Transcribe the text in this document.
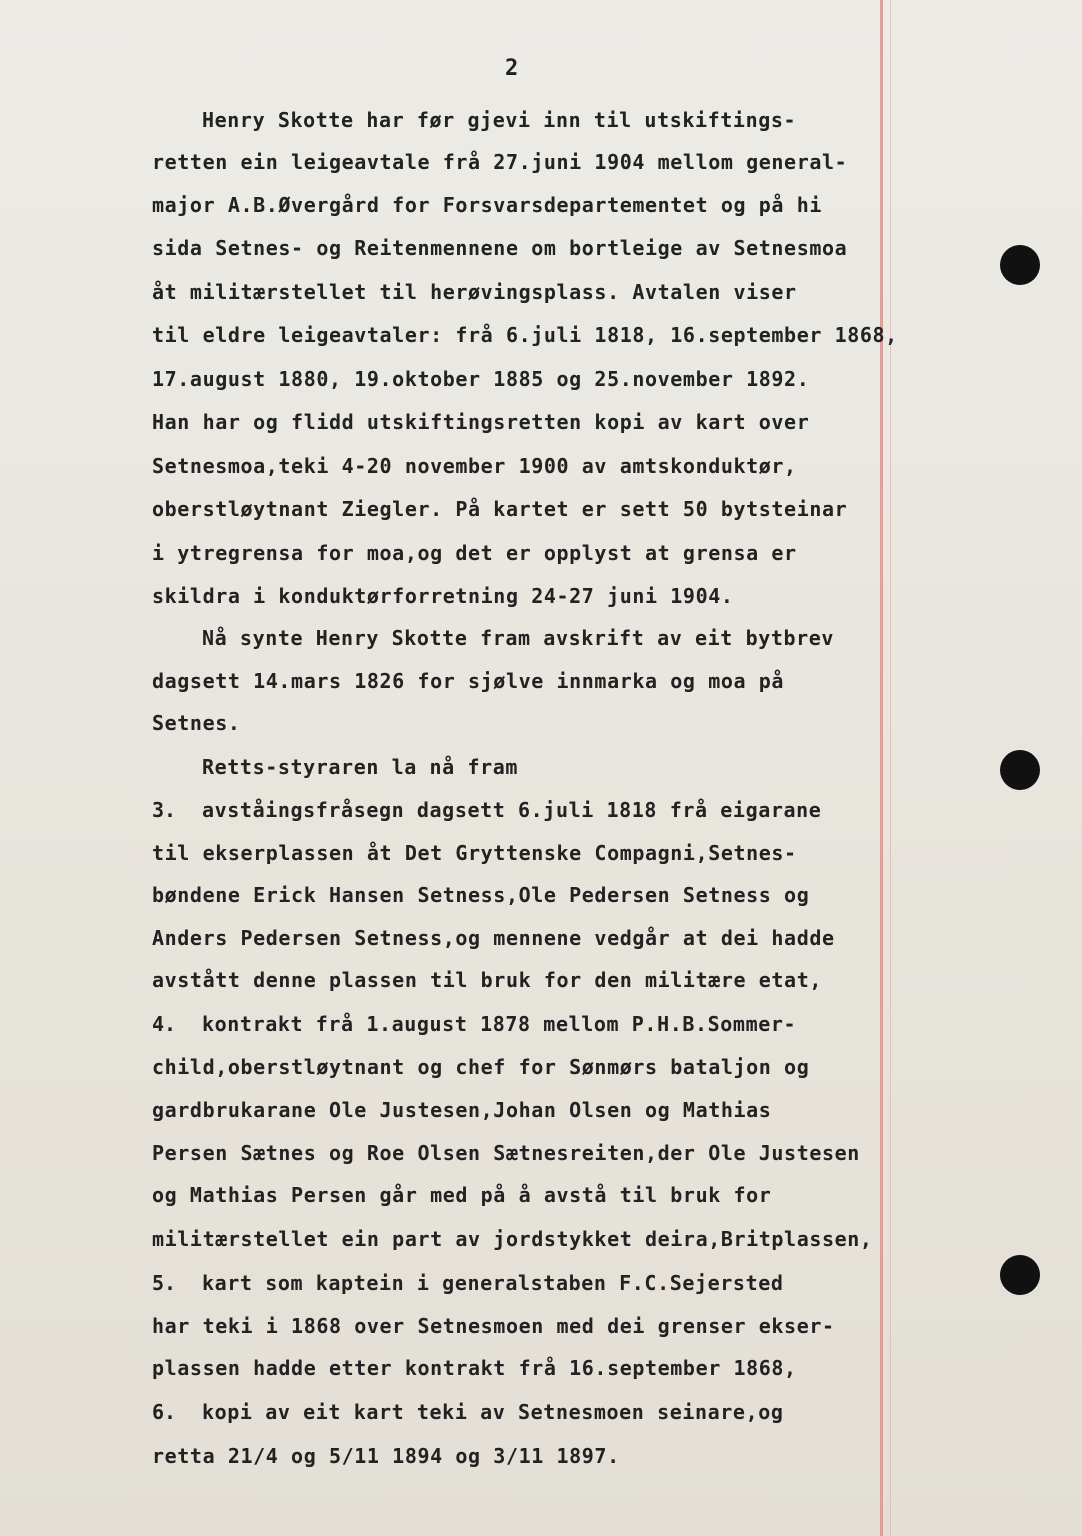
2
Henry Skotte har før gjevi inn til utskiftings-
retten ein leigeavtale frå 27.juni 1904 mellom general-
major A.B.Øvergård for Forsvarsdepartementet og på hi
sida Setnes- og Reitenmennene om bortleige av Setnesmoa
åt militærstellet til herøvingsplass. Avtalen viser
til eldre leigeavtaler: frå 6.juli 1818, 16.september 1868,
17.august 1880, 19.oktober 1885 og 25.november 1892.
Han har og flidd utskiftingsretten kopi av kart over
Setnesmoa,teki 4-20 november 1900 av amtskonduktør,
oberstløytnant Ziegler. På kartet er sett 50 bytsteinar
i ytregrensa for moa,og det er opplyst at grensa er
skildra i konduktørforretning 24-27 juni 1904.
Nå synte Henry Skotte fram avskrift av eit bytbrev
dagsett 14.mars 1826 for sjølve innmarka og moa på
Setnes.
Retts-styraren la nå fram
3. avståingsfråsegn dagsett 6.juli 1818 frå eigarane
til ekserplassen åt Det Gryttenske Compagni,Setnes-
bøndene Erick Hansen Setness,Ole Pedersen Setness og
Anders Pedersen Setness,og mennene vedgår at dei hadde
avstått denne plassen til bruk for den militære etat,
4. kontrakt frå 1.august 1878 mellom P.H.B.Sommer-
child,oberstløytnant og chef for Sønmørs bataljon og
gardbrukarane Ole Justesen,Johan Olsen og Mathias
Persen Sætnes og Roe Olsen Sætnesreiten,der Ole Justesen
og Mathias Persen går med på å avstå til bruk for
militærstellet ein part av jordstykket deira,Britplassen,
5. kart som kaptein i generalstaben F.C.Sejersted
har teki i 1868 over Setnesmoen med dei grenser ekser-
plassen hadde etter kontrakt frå 16.september 1868,
6. kopi av eit kart teki av Setnesmoen seinare,og
retta 21/4 og 5/11 1894 og 3/11 1897.
